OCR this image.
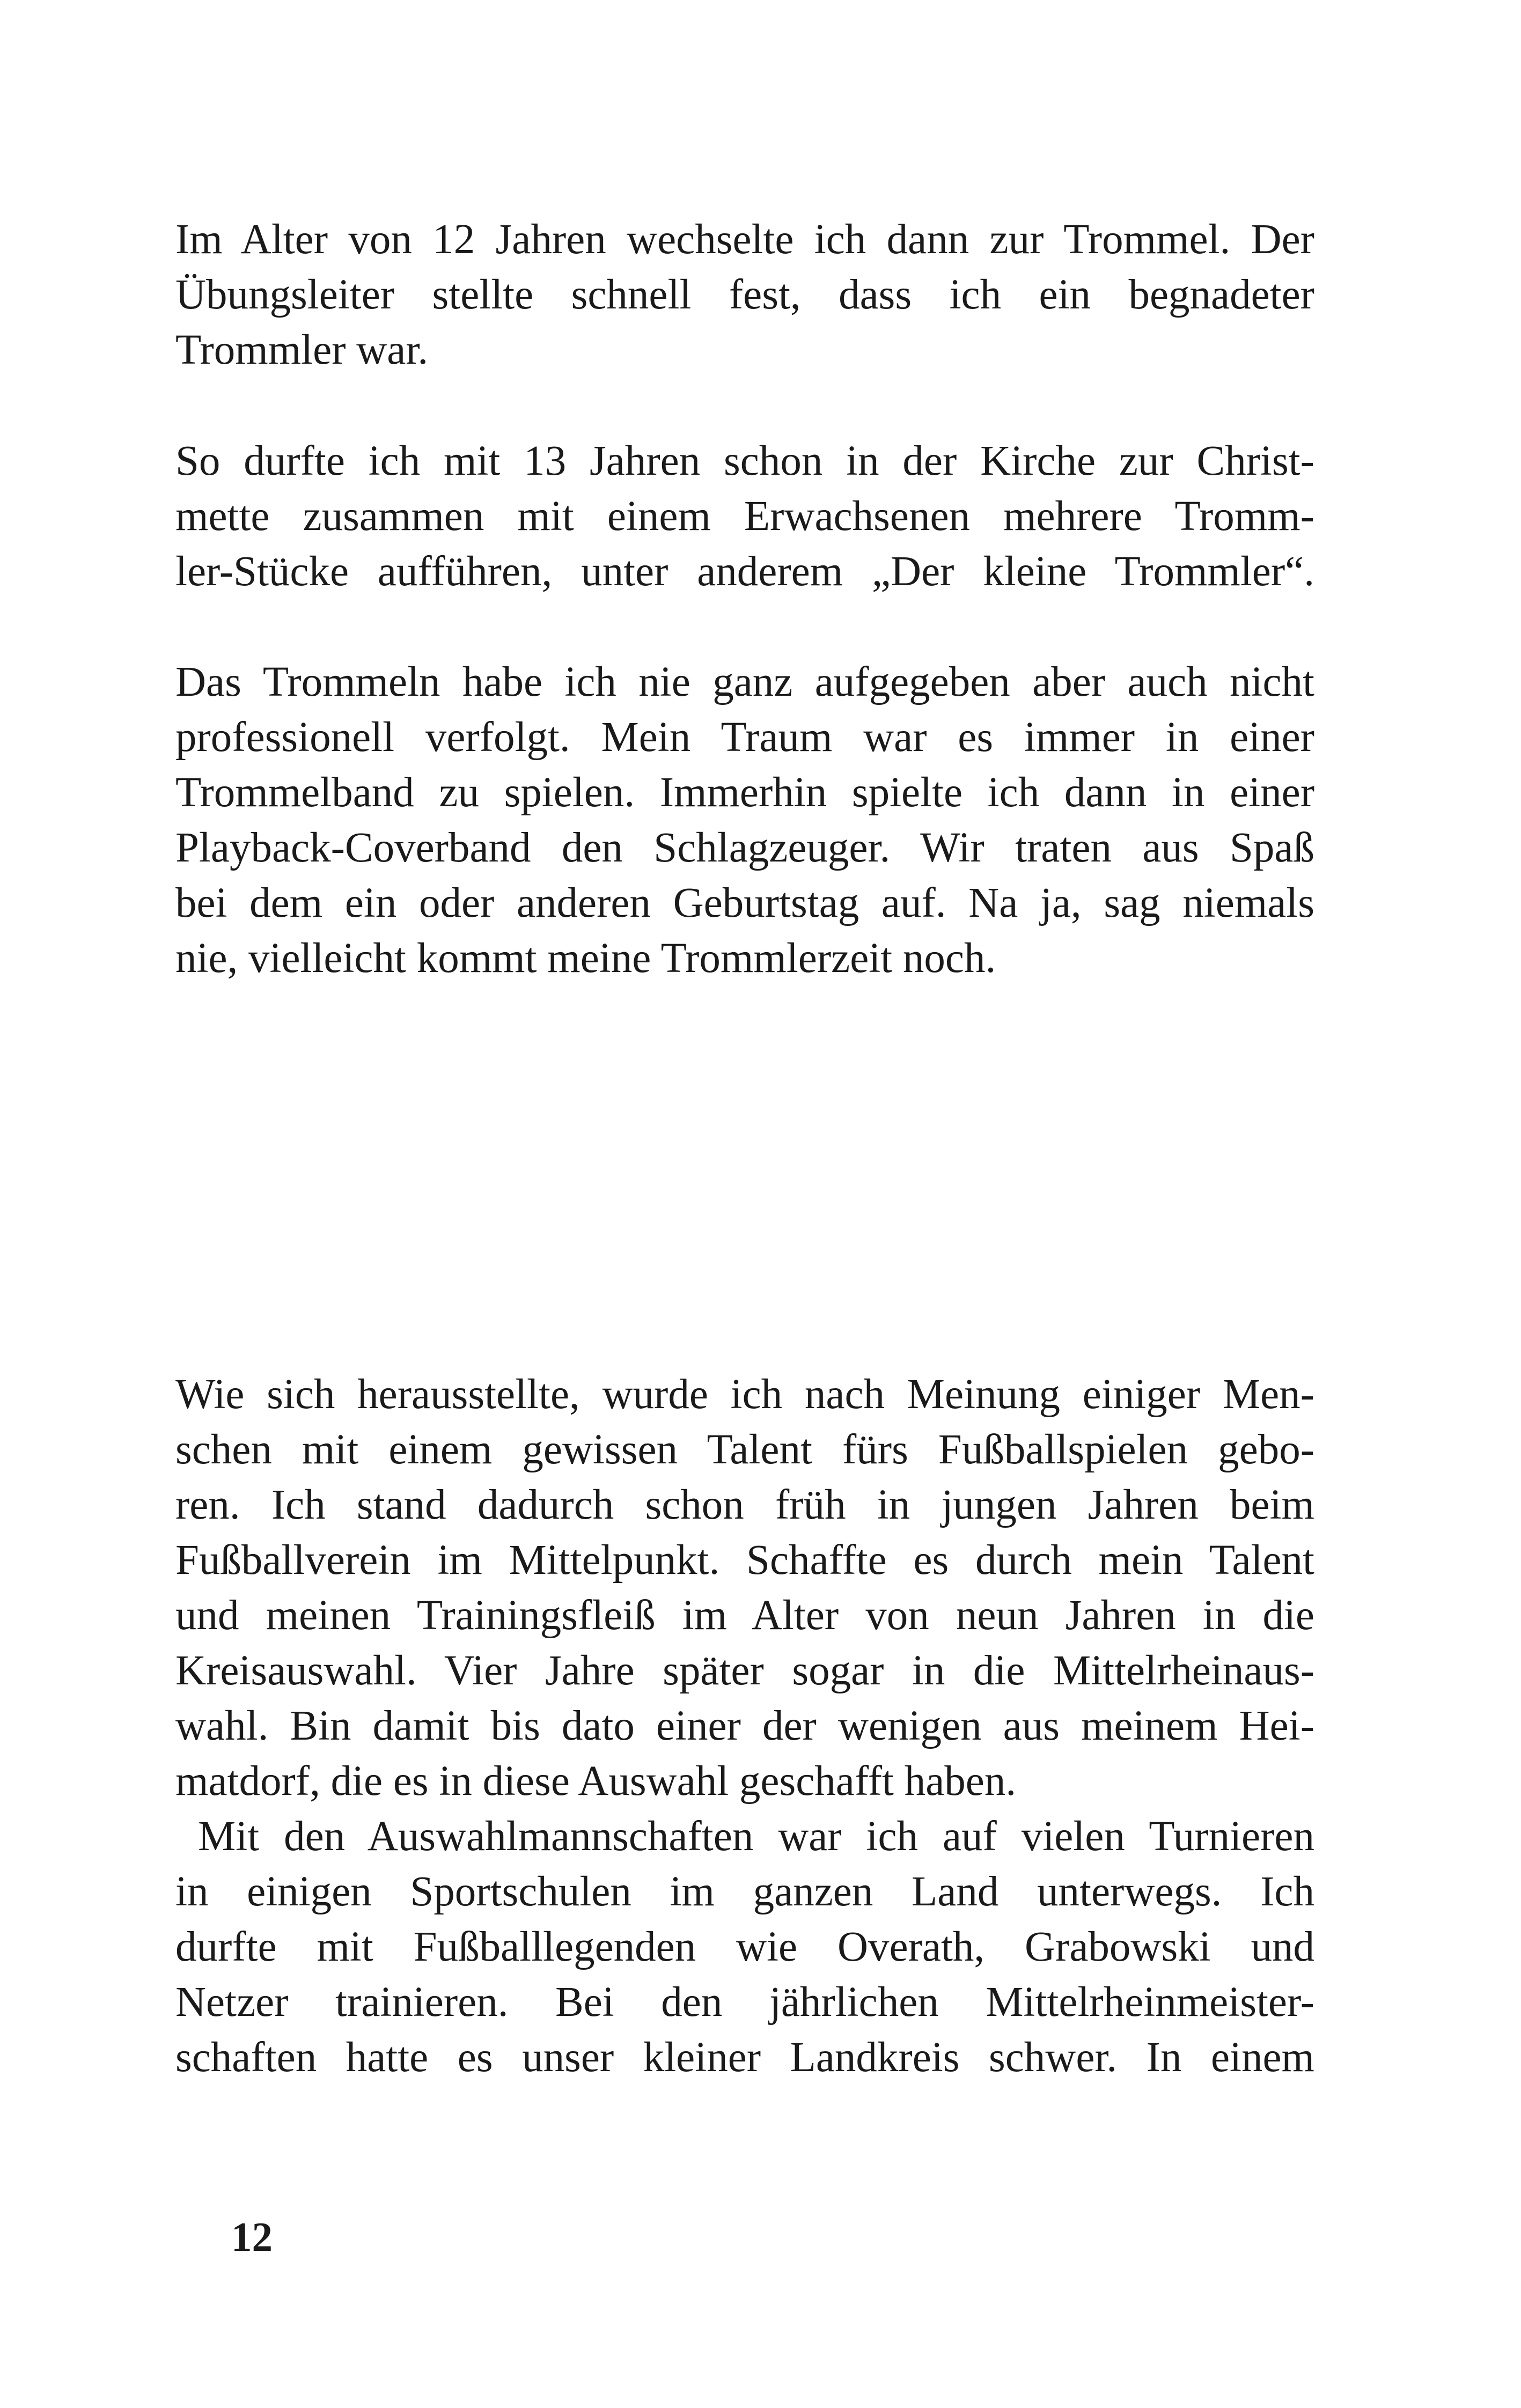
Im Alter von 12 Jahren wechselte ich dann zur Trommel. Der
Übungsleiter stellte schnell fest, dass ich ein begnadeter
Trommler war.
So durfte ich mit 13 Jahren schon in der Kirche zur Christ-
mette zusammen mit einem Erwachsenen mehrere Tromm-
ler-Stücke aufführen, unter anderem „Der kleine Trommler“.
Das Trommeln habe ich nie ganz aufgegeben aber auch nicht
professionell verfolgt. Mein Traum war es immer in einer
Trommelband zu spielen. Immerhin spielte ich dann in einer
Playback-Coverband den Schlagzeuger. Wir traten aus Spaß
bei dem ein oder anderen Geburtstag auf. Na ja, sag niemals
nie, vielleicht kommt meine Trommlerzeit noch.
Wie sich herausstellte, wurde ich nach Meinung einiger Men-
schen mit einem gewissen Talent fürs Fußballspielen gebo-
ren. Ich stand dadurch schon früh in jungen Jahren beim
Fußballverein im Mittelpunkt. Schaffte es durch mein Talent
und meinen Trainingsfleiß im Alter von neun Jahren in die
Kreisauswahl. Vier Jahre später sogar in die Mittelrheinaus-
wahl. Bin damit bis dato einer der wenigen aus meinem Hei-
matdorf, die es in diese Auswahl geschafft haben.
Mit den Auswahlmannschaften war ich auf vielen Turnieren
in einigen Sportschulen im ganzen Land unterwegs. Ich
durfte mit Fußballlegenden wie Overath, Grabowski und
Netzer trainieren. Bei den jährlichen Mittelrheinmeister-
schaften hatte es unser kleiner Landkreis schwer. In einem
12
